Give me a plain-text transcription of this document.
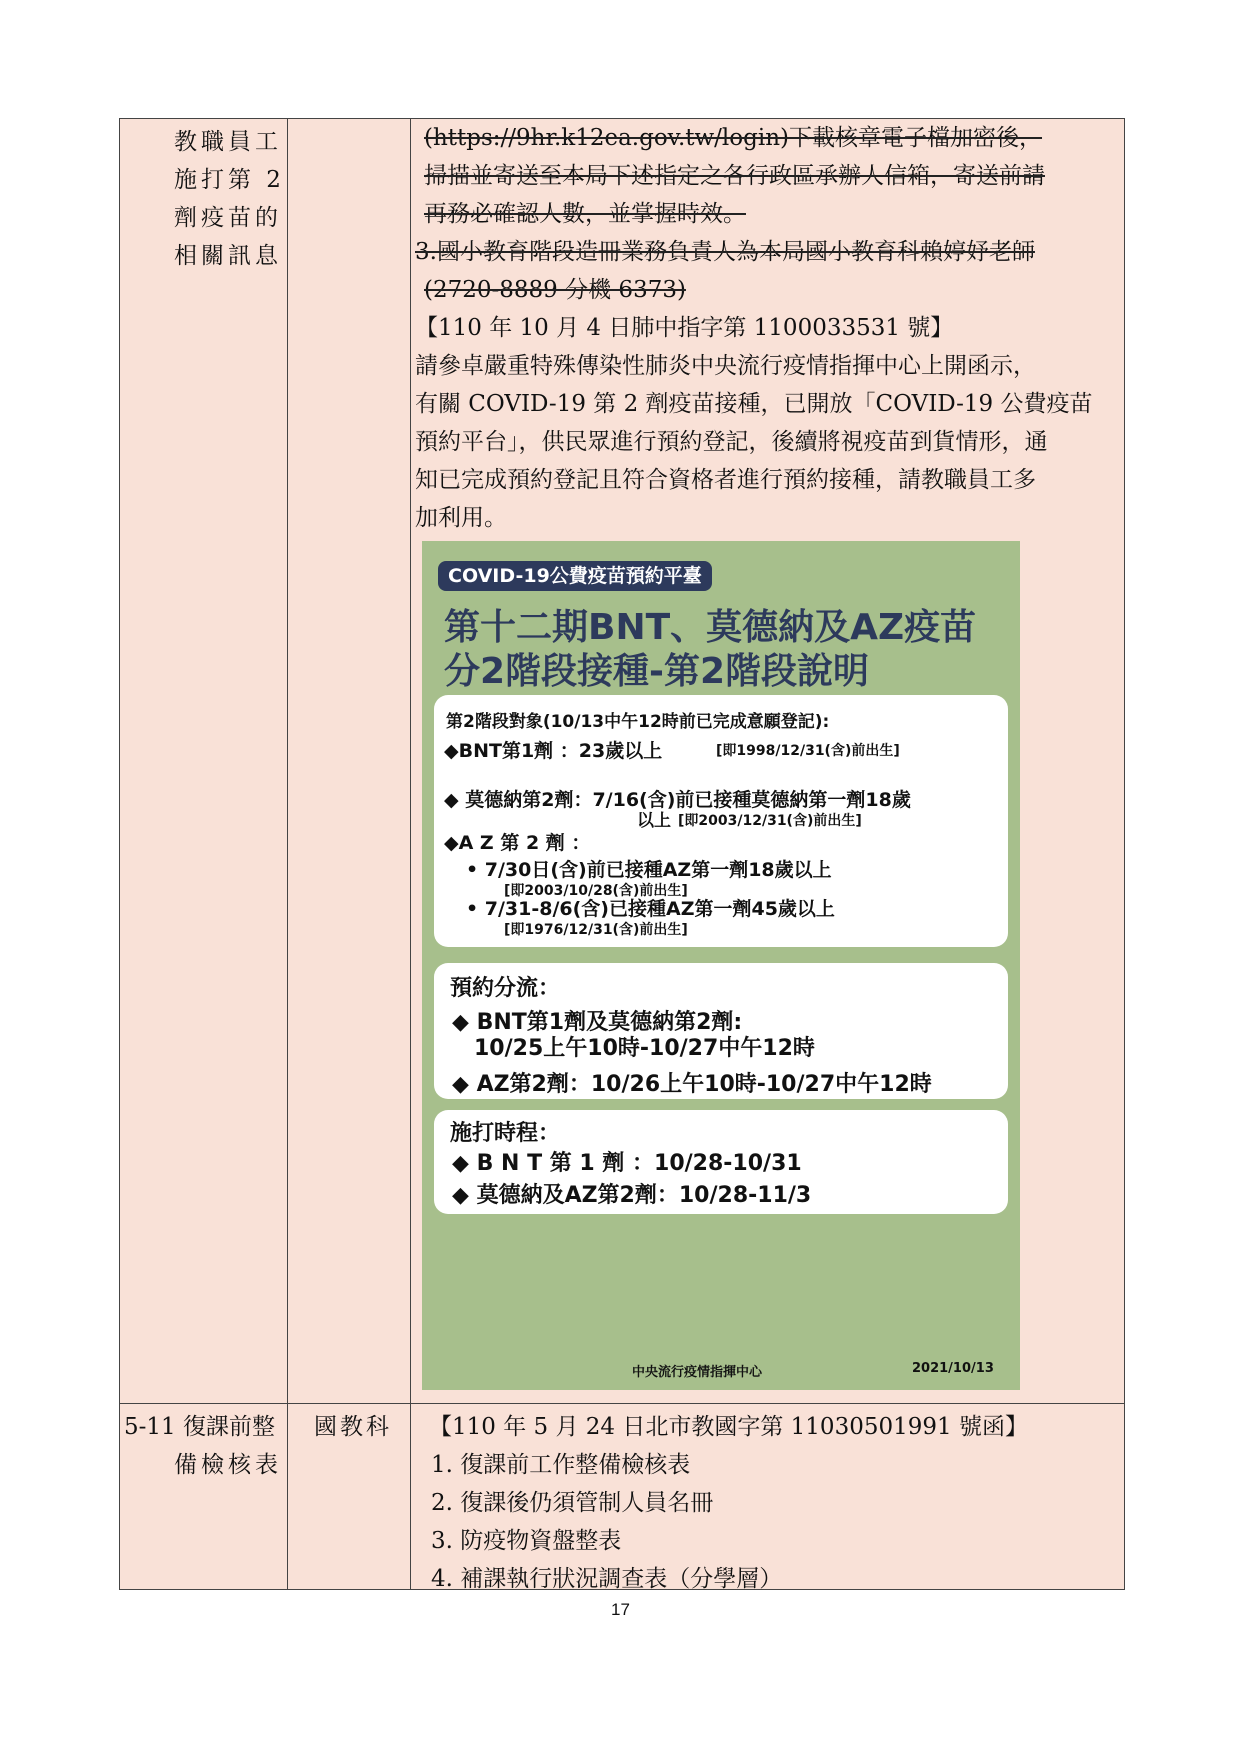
教職員工
施打第 2
劑疫苗的
相關訊息
(https://9hr.k12ea.gov.tw/login)下載核章電子檔加密後，
掃描並寄送至本局下述指定之各行政區承辦人信箱，寄送前請
再務必確認人數，並掌握時效。
3.國小教育階段造冊業務負責人為本局國小教育科賴婷妤老師
(2720-8889 分機 6373)
【110 年 10 月 4 日肺中指字第 1100033531 號】
請參卓嚴重特殊傳染性肺炎中央流行疫情指揮中心上開函示，
有關 COVID-19 第 2 劑疫苗接種，已開放「COVID-19 公費疫苗
預約平台」，供民眾進行預約登記，後續將視疫苗到貨情形，通
知已完成預約登記且符合資格者進行預約接種，請教職員工多
加利用。
5-11 復課前整
備檢核表
國教科 【110 年 5 月 24 日北市教國字第 11030501991 號函】
1. 復課前工作整備檢核表
2. 復課後仍須管制人員名冊
3. 防疫物資盤整表
4. 補課執行狀況調查表（分學層）
COVID-19公費疫苗預約平臺
第十二期BNT、莫德納及AZ疫苗
分2階段接種-第2階段說明
第2階段對象(10/13中午12時前已完成意願登記):
◆BNT第1劑 ：23歲以上	[即1998/12/31(含)前出生]
◆ 莫德納第2劑：7/16(含)前已接種莫德納第一劑18歲
以上 [即2003/12/31(含)前出生]
◆A Z 第 2 劑 ：
• 7/30日(含)前已接種AZ第一劑18歲以上
[即2003/10/28(含)前出生]
• 7/31-8/6(含)已接種AZ第一劑45歲以上
[即1976/12/31(含)前出生]
預約分流：
◆ BNT第1劑及莫德納第2劑:
10/25上午10時-10/27中午12時
◆ AZ第2劑：10/26上午10時-10/27中午12時
施打時程：
◆ B N T 第 1 劑 ：10/28-10/31
◆ 莫德納及AZ第2劑：10/28-11/3
中央流行疫情指揮中心	2021/10/13
17
